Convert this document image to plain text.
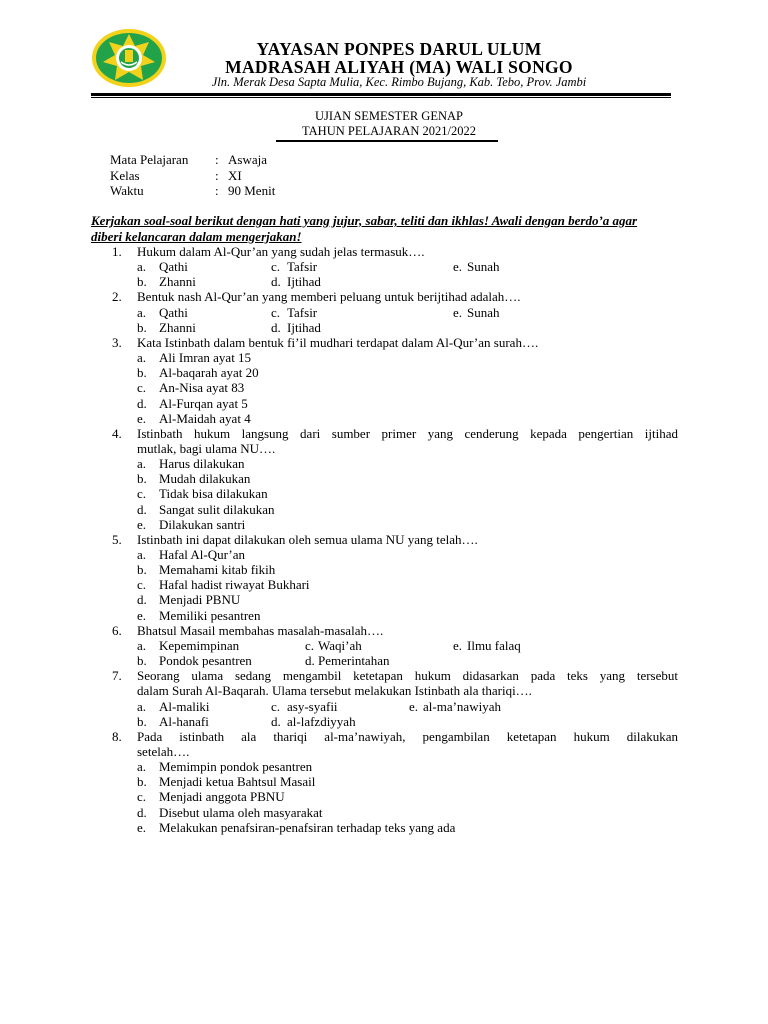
YAYASAN PONPES DARUL ULUM
MADRASAH ALIYAH (MA) WALI SONGO
Jln. Merak Desa Sapta Mulia, Kec. Rimbo Bujang, Kab. Tebo, Prov. Jambi
UJIAN SEMESTER GENAP
TAHUN PELAJARAN 2021/2022
Mata Pelajaran : Aswaja
Kelas	: XI
Waktu	: 90 Menit
Kerjakan soal-soal berikut dengan hati yang jujur, sabar, teliti dan ikhlas! Awali dengan berdo’a agar diberi kelancaran dalam mengerjakan!
1. Hukum dalam Al-Qur’an yang sudah jelas termasuk….
a. Qathi	c. Tafsir	e. Sunah
b. Zhanni	d. Ijtihad
2. Bentuk nash Al-Qur’an yang memberi peluang untuk berijtihad adalah….
a. Qathi	c. Tafsir	e. Sunah
b. Zhanni	d. Ijtihad
3. Kata Istinbath dalam bentuk fi’il mudhari terdapat dalam Al-Qur’an surah….
a. Ali Imran ayat 15
b. Al-baqarah ayat 20
c. An-Nisa ayat 83
d. Al-Furqan ayat 5
e. Al-Maidah ayat 4
4. Istinbath hukum langsung dari sumber primer yang cenderung kepada pengertian ijtihad
mutlak, bagi ulama NU….
a. Harus dilakukan
b. Mudah dilakukan
c. Tidak bisa dilakukan
d. Sangat sulit dilakukan
e. Dilakukan santri
5. Istinbath ini dapat dilakukan oleh semua ulama NU yang telah….
a. Hafal Al-Qur’an
b. Memahami kitab fikih
c. Hafal hadist riwayat Bukhari
d. Menjadi PBNU
e. Memiliki pesantren
6. Bhatsul Masail membahas masalah-masalah….
a. Kepemimpinan	c. Waqi’ah	e. Ilmu falaq
b. Pondok pesantren	d. Pemerintahan
7. Seorang ulama sedang mengambil ketetapan hukum didasarkan pada teks yang tersebut
dalam Surah Al-Baqarah. Ulama tersebut melakukan Istinbath ala thariqi….
a. Al-maliki	c. asy-syafii	e. al-ma’nawiyah
b. Al-hanafi	d. al-lafzdiyyah
8. Pada istinbath ala thariqi al-ma’nawiyah, pengambilan ketetapan hukum dilakukan
setelah….
a. Memimpin pondok pesantren
b. Menjadi ketua Bahtsul Masail
c. Menjadi anggota PBNU
d. Disebut ulama oleh masyarakat
e. Melakukan penafsiran-penafsiran terhadap teks yang ada
